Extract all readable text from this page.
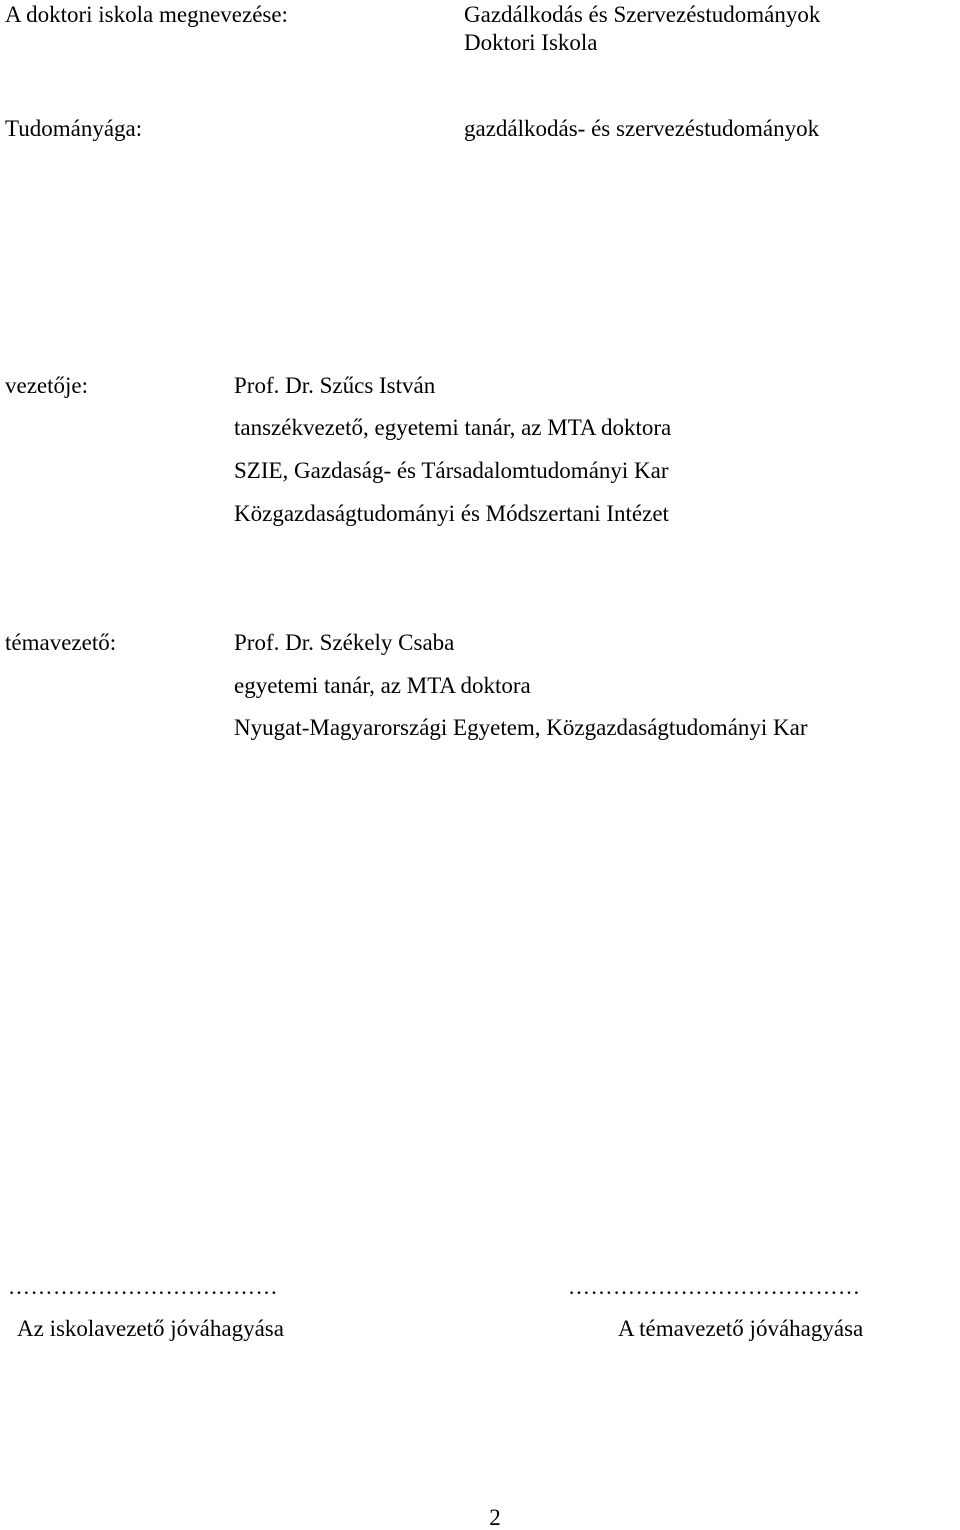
A doktori iskola megnevezése:	Gazdálkodás és Szervezéstudományok
Doktori Iskola
Tudományága:	gazdálkodás- és szervezéstudományok
vezetője:	Prof. Dr. Szűcs István
tanszékvezető, egyetemi tanár, az MTA doktora
SZIE, Gazdaság- és Társadalomtudományi Kar
Közgazdaságtudományi és Módszertani Intézet
témavezető:	Prof. Dr. Székely Csaba
egyetemi tanár, az MTA doktora
Nyugat-Magyarországi Egyetem, Közgazdaságtudományi Kar
………………………………	…………………………………
Az iskolavezető jóváhagyása	A témavezető jóváhagyása
2
